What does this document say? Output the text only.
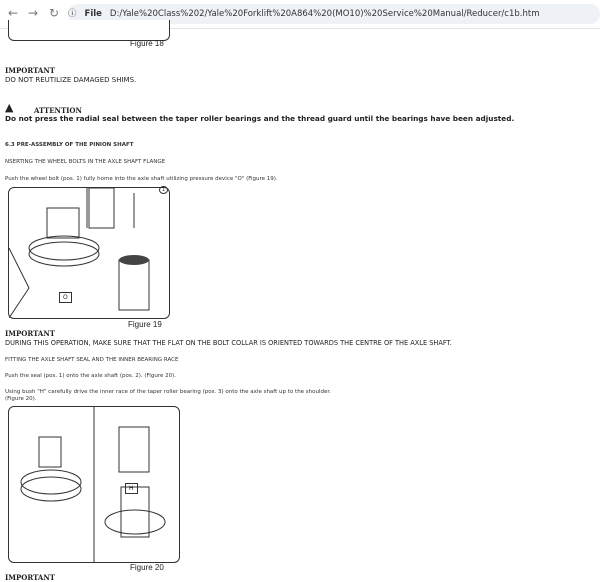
← → ↻ ⓘ File D:/Yale%20Class%202/Yale%20Forklift%20A864%20(MO10)%20Service%20Manual/Reducer/c1b.htm
Figure 18
IMPORTANT
DO NOT REUTILIZE DAMAGED SHIMS.
▲	ATTENTION
Do not press the radial seal between the taper roller bearings and the thread guard until the bearings have been adjusted.
6.3 PRE-ASSEMBLY OF THE PINION SHAFT
NSERTING THE WHEEL BOLTS IN THE AXLE SHAFT FLANGE
Push the wheel bolt (pos. 1) fully home into the axle shaft utilizing pressure device "O" (Figure 19).
1
O
Figure 19
IMPORTANT
DURING THIS OPERATION, MAKE SURE THAT THE FLAT ON THE BOLT COLLAR IS ORIENTED TOWARDS THE CENTRE OF THE AXLE SHAFT.
FITTING THE AXLE SHAFT SEAL AND THE INNER BEARING RACE
Push the seal (pos. 1) onto the axle shaft (pos. 2). (Figure 20).
Using bush "H" carefully drive the inner race of the taper roller bearing (pos. 3) onto the axle shaft up to the shoulder.
(Figure 20).
H
Figure 20
IMPORTANT
